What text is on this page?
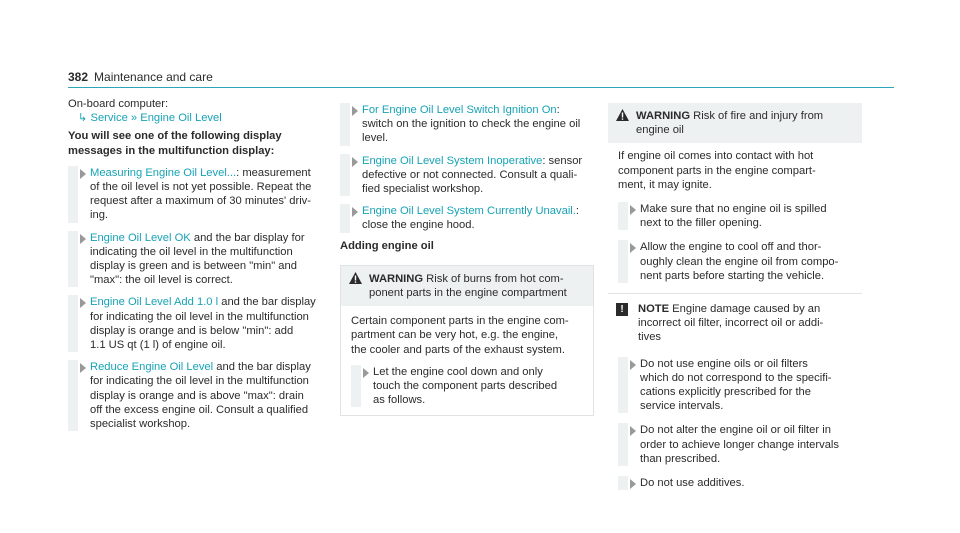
382 Maintenance and care

On-board computer:

↳ Service » Engine Oil Level

You will see one of the following display
messages in the multifunction display:

Measuring Engine Oil Level...: measurement
of the oil level is not yet possible. Repeat the
request after a maximum of 30 minutes' driv-
ing.
Engine Oil Level OK and the bar display for
indicating the oil level in the multifunction
display is green and is between "min" and
"max": the oil level is correct.
Engine Oil Level Add 1.0 l and the bar display
for indicating the oil level in the multifunction
display is orange and is below "min": add
1.1 US qt (1 l) of engine oil.
Reduce Engine Oil Level and the bar display
for indicating the oil level in the multifunction
display is orange and is above "max": drain
off the excess engine oil. Consult a qualified
specialist workshop.
For Engine Oil Level Switch Ignition On:
switch on the ignition to check the engine oil
level.
Engine Oil Level System Inoperative: sensor
defective or not connected. Consult a quali-
fied specialist workshop.
Engine Oil Level System Currently Unavail.:
close the engine hood.

Adding engine oil

WARNING Risk of burns from hot com-
ponent parts in the engine compartment
Certain component parts in the engine com-
partment can be very hot, e.g. the engine,
the cooler and parts of the exhaust system.
Let the engine cool down and only
touch the component parts described
as follows.
WARNING Risk of fire and injury from
engine oil
If engine oil comes into contact with hot
component parts in the engine compart-
ment, it may ignite.
Make sure that no engine oil is spilled
next to the filler opening.
Allow the engine to cool off and thor-
oughly clean the engine oil from compo-
nent parts before starting the vehicle.
!	NOTE Engine damage caused by an
incorrect oil filter, incorrect oil or addi-
tives
Do not use engine oils or oil filters
which do not correspond to the specifi-
cations explicitly prescribed for the
service intervals.
Do not alter the engine oil or oil filter in
order to achieve longer change intervals
than prescribed.
Do not use additives.
